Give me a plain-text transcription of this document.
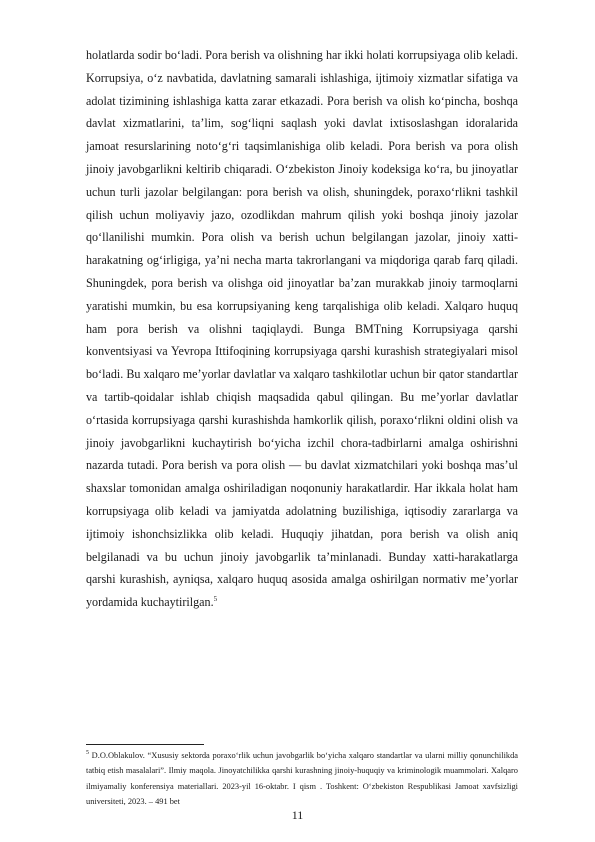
holatlarda sodir bo‘ladi. Pora berish va olishning har ikki holati korrupsiyaga olib keladi. Korrupsiya, o‘z navbatida, davlatning samarali ishlashiga, ijtimoiy xizmatlar sifatiga va adolat tizimining ishlashiga katta zarar etkazadi. Pora berish va olish ko‘pincha, boshqa davlat xizmatlarini, ta’lim, sog‘liqni saqlash yoki davlat ixtisoslashgan idoralarida jamoat resurslarining noto‘g‘ri taqsimlanishiga olib keladi. Pora berish va pora olish jinoiy javobgarlikni keltirib chiqaradi. O‘zbekiston Jinoiy kodeksiga ko‘ra, bu jinoyatlar uchun turli jazolar belgilangan: pora berish va olish, shuningdek, poraxo‘rlikni tashkil qilish uchun moliyaviy jazo, ozodlikdan mahrum qilish yoki boshqa jinoiy jazolar qo‘llanilishi mumkin. Pora olish va berish uchun belgilangan jazolar, jinoiy xatti-harakatning og‘irligiga, ya’ni necha marta takrorlangani va miqdoriga qarab farq qiladi. Shuningdek, pora berish va olishga oid jinoyatlar ba’zan murakkab jinoiy tarmoqlarni yaratishi mumkin, bu esa korrupsiyaning keng tarqalishiga olib keladi. Xalqaro huquq ham pora berish va olishni taqiqlaydi. Bunga BMTning Korrupsiyaga qarshi konventsiyasi va Yevropa Ittifoqining korrupsiyaga qarshi kurashish strategiyalari misol bo‘ladi. Bu xalqaro me’yorlar davlatlar va xalqaro tashkilotlar uchun bir qator standartlar va tartib-qoidalar ishlab chiqish maqsadida qabul qilingan. Bu me’yorlar davlatlar o‘rtasida korrupsiyaga qarshi kurashishda hamkorlik qilish, poraxo‘rlikni oldini olish va jinoiy javobgarlikni kuchaytirish bo‘yicha izchil chora-tadbirlarni amalga oshirishni nazarda tutadi. Pora berish va pora olish — bu davlat xizmatchilari yoki boshqa mas’ul shaxslar tomonidan amalga oshiriladigan noqonuniy harakatlardir. Har ikkala holat ham korrupsiyaga olib keladi va jamiyatda adolatning buzilishiga, iqtisodiy zararlarga va ijtimoiy ishonchsizlikka olib keladi. Huquqiy jihatdan, pora berish va olish aniq belgilanadi va bu uchun jinoiy javobgarlik ta’minlanadi. Bunday xatti-harakatlarga qarshi kurashish, ayniqsa, xalqaro huquq asosida amalga oshirilgan normativ me’yorlar yordamida kuchaytirilgan.$^5$

$^5$ D.O.Oblakulov. “Xususiy sektorda poraxo‘rlik uchun javobgarlik bo‘yicha xalqaro standartlar va ularni milliy qonunchilikda tatbiq etish masalalari”. Ilmiy maqola. Jinoyatchilikka qarshi kurashning jinoiy-huquqiy va kriminologik muammolari. Xalqaro ilmiyamaliy konferensiya materiallari. 2023-yil 16-oktabr. I qism . Toshkent: O‘zbekiston Respublikasi Jamoat xavfsizligi universiteti, 2023. – 491 bet

11
